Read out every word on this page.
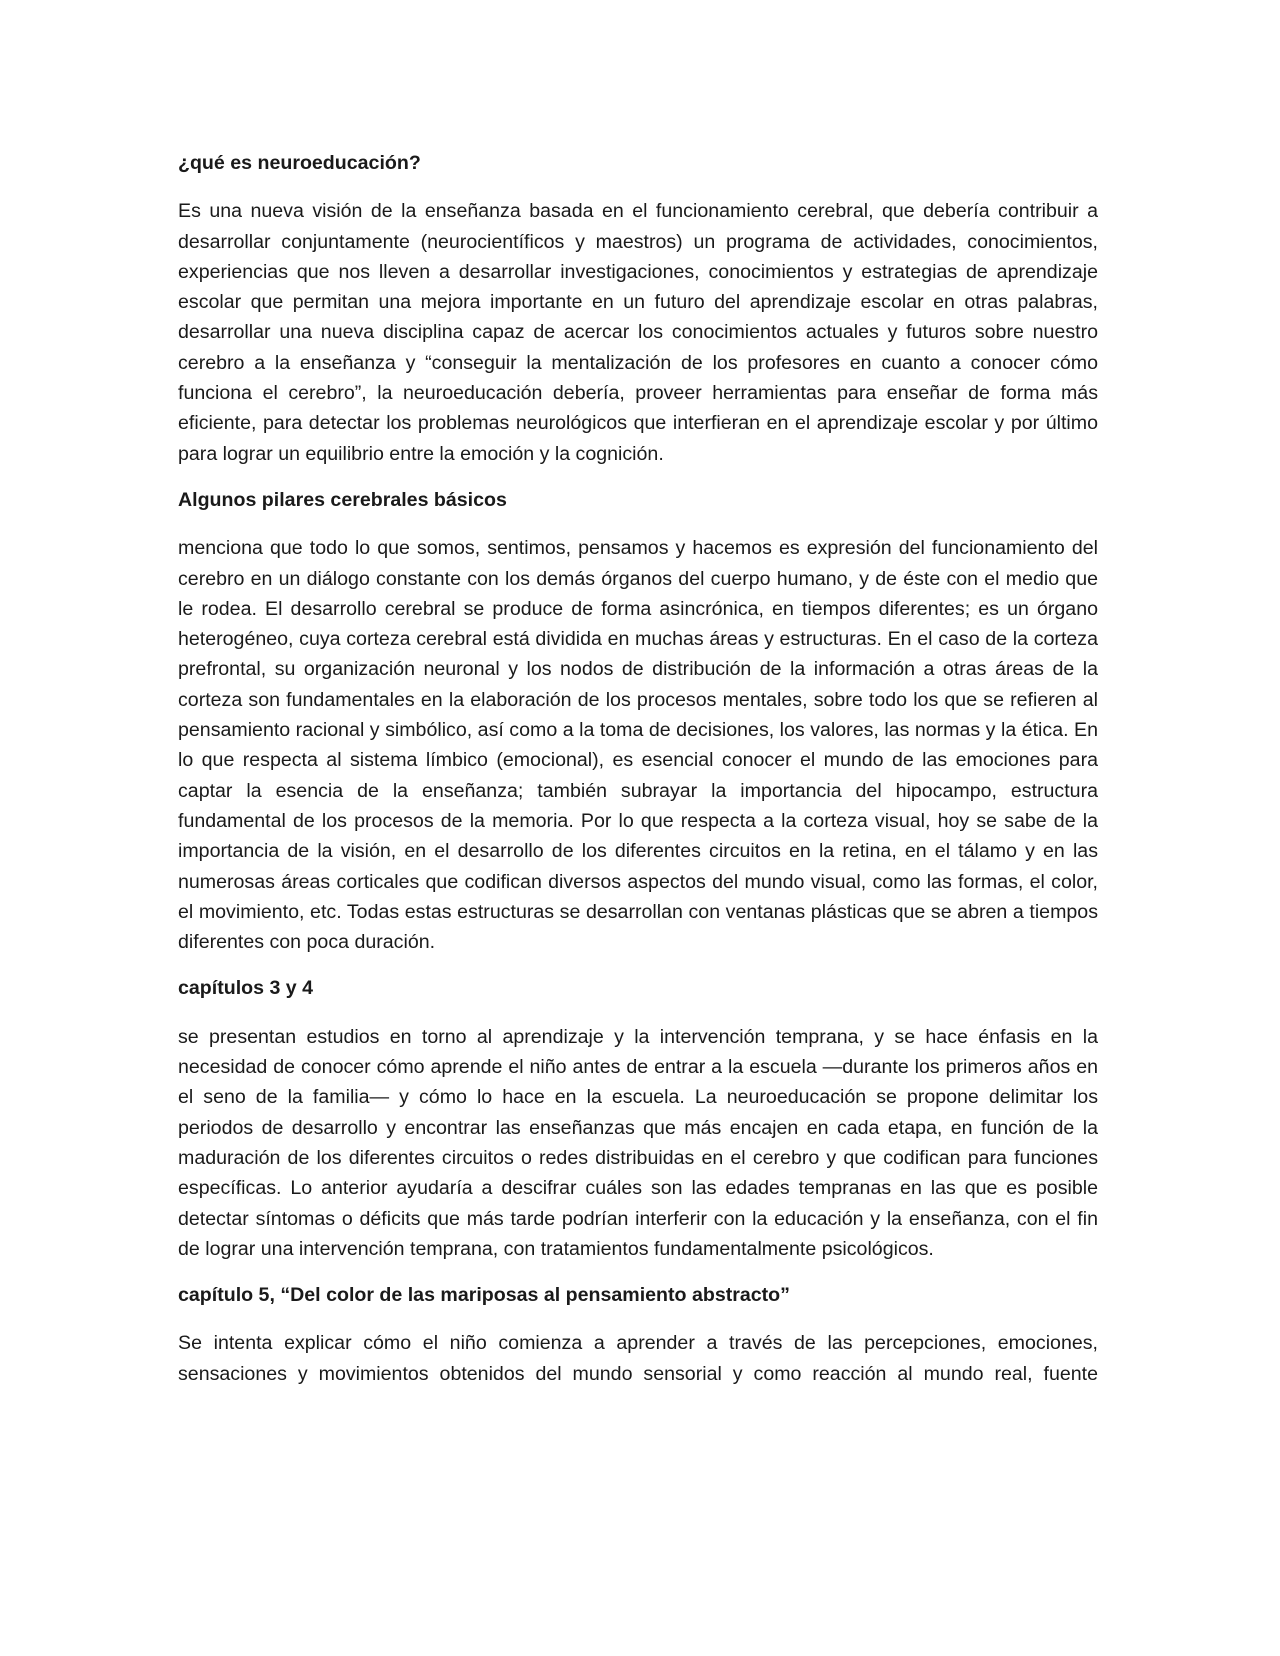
¿qué es neuroeducación?

Es una nueva visión de la enseñanza basada en el funcionamiento cerebral, que debería contribuir a desarrollar conjuntamente (neurocientíficos y maestros) un programa de actividades, conocimientos, experiencias que nos lleven a desarrollar investigaciones, conocimientos y estrategias de aprendizaje escolar que permitan una mejora importante en un futuro del aprendizaje escolar en otras palabras, desarrollar una nueva disciplina capaz de acercar los conocimientos actuales y futuros sobre nuestro cerebro a la enseñanza y “conseguir la mentalización de los profesores en cuanto a conocer cómo funciona el cerebro”, la neuroeducación debería, proveer herramientas para enseñar de forma más eficiente, para detectar los problemas neurológicos que interfieran en el aprendizaje escolar y por último para lograr un equilibrio entre la emoción y la cognición.

Algunos pilares cerebrales básicos

menciona que todo lo que somos, sentimos, pensamos y hacemos es expresión del funcionamiento del cerebro en un diálogo constante con los demás órganos del cuerpo humano, y de éste con el medio que le rodea. El desarrollo cerebral se produce de forma asincrónica, en tiempos diferentes; es un órgano heterogéneo, cuya corteza cerebral está dividida en muchas áreas y estructuras. En el caso de la corteza prefrontal, su organización neuronal y los nodos de distribución de la información a otras áreas de la corteza son fundamentales en la elaboración de los procesos mentales, sobre todo los que se refieren al pensamiento racional y simbólico, así como a la toma de decisiones, los valores, las normas y la ética. En lo que respecta al sistema límbico (emocional), es esencial conocer el mundo de las emociones para captar la esencia de la enseñanza; también subrayar la importancia del hipocampo, estructura fundamental de los procesos de la memoria. Por lo que respecta a la corteza visual, hoy se sabe de la importancia de la visión, en el desarrollo de los diferentes circuitos en la retina, en el tálamo y en las numerosas áreas corticales que codifican diversos aspectos del mundo visual, como las formas, el color, el movimiento, etc. Todas estas estructuras se desarrollan con ventanas plásticas que se abren a tiempos diferentes con poca duración.

capítulos 3 y 4

se presentan estudios en torno al aprendizaje y la intervención temprana, y se hace énfasis en la necesidad de conocer cómo aprende el niño antes de entrar a la escuela —durante los primeros años en el seno de la familia— y cómo lo hace en la escuela. La neuroeducación se propone delimitar los periodos de desarrollo y encontrar las enseñanzas que más encajen en cada etapa, en función de la maduración de los diferentes circuitos o redes distribuidas en el cerebro y que codifican para funciones específicas. Lo anterior ayudaría a descifrar cuáles son las edades tempranas en las que es posible detectar síntomas o déficits que más tarde podrían interferir con la educación y la enseñanza, con el fin de lograr una intervención temprana, con tratamientos fundamentalmente psicológicos.

capítulo 5, “Del color de las mariposas al pensamiento abstracto”

Se intenta explicar cómo el niño comienza a aprender a través de las percepciones, emociones, sensaciones y movimientos obtenidos del mundo sensorial y como reacción al mundo real, fuente
